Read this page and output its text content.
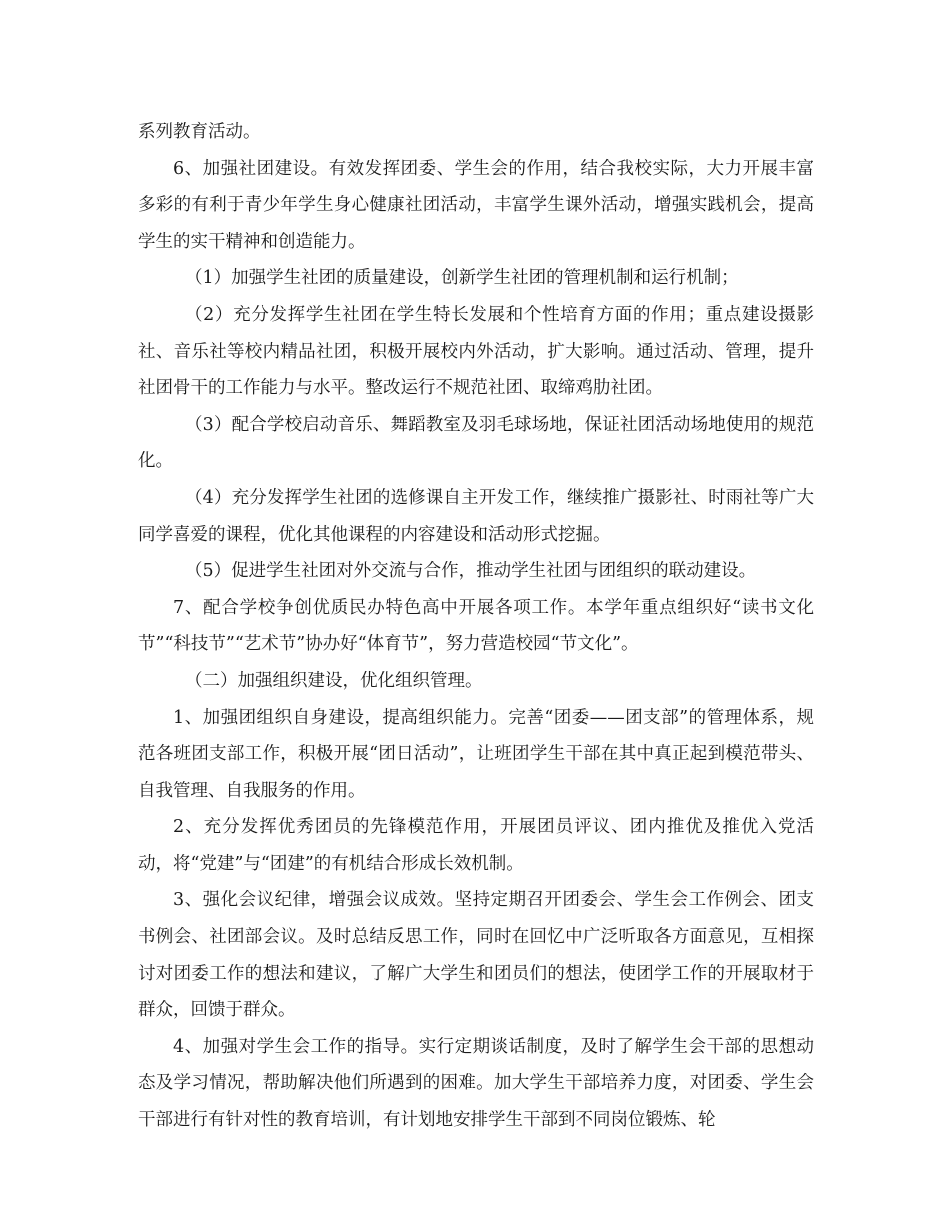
系列教育活动。

6、加强社团建设。有效发挥团委、学生会的作用，结合我校实际，大力开展丰富多彩的有利于青少年学生身心健康社团活动，丰富学生课外活动，增强实践机会，提高学生的实干精神和创造能力。

（1）加强学生社团的质量建设，创新学生社团的管理机制和运行机制；

（2）充分发挥学生社团在学生特长发展和个性培育方面的作用；重点建设摄影社、音乐社等校内精品社团，积极开展校内外活动，扩大影响。通过活动、管理，提升社团骨干的工作能力与水平。整改运行不规范社团、取缔鸡肋社团。

（3）配合学校启动音乐、舞蹈教室及羽毛球场地，保证社团活动场地使用的规范化。

（4）充分发挥学生社团的选修课自主开发工作，继续推广摄影社、时雨社等广大同学喜爱的课程，优化其他课程的内容建设和活动形式挖掘。

（5）促进学生社团对外交流与合作，推动学生社团与团组织的联动建设。

7、配合学校争创优质民办特色高中开展各项工作。本学年重点组织好“读书文化节”“科技节”“艺术节”协办好“体育节”，努力营造校园“节文化”。

（二）加强组织建设，优化组织管理。

1、加强团组织自身建设，提高组织能力。完善“团委——团支部”的管理体系，规范各班团支部工作，积极开展“团日活动”，让班团学生干部在其中真正起到模范带头、自我管理、自我服务的作用。

2、充分发挥优秀团员的先锋模范作用，开展团员评议、团内推优及推优入党活动，将“党建”与“团建”的有机结合形成长效机制。

3、强化会议纪律，增强会议成效。坚持定期召开团委会、学生会工作例会、团支书例会、社团部会议。及时总结反思工作，同时在回忆中广泛听取各方面意见，互相探讨对团委工作的想法和建议，了解广大学生和团员们的想法，使团学工作的开展取材于群众，回馈于群众。

4、加强对学生会工作的指导。实行定期谈话制度，及时了解学生会干部的思想动态及学习情况，帮助解决他们所遇到的困难。加大学生干部培养力度，对团委、学生会干部进行有针对性的教育培训，有计划地安排学生干部到不同岗位锻炼、轮
